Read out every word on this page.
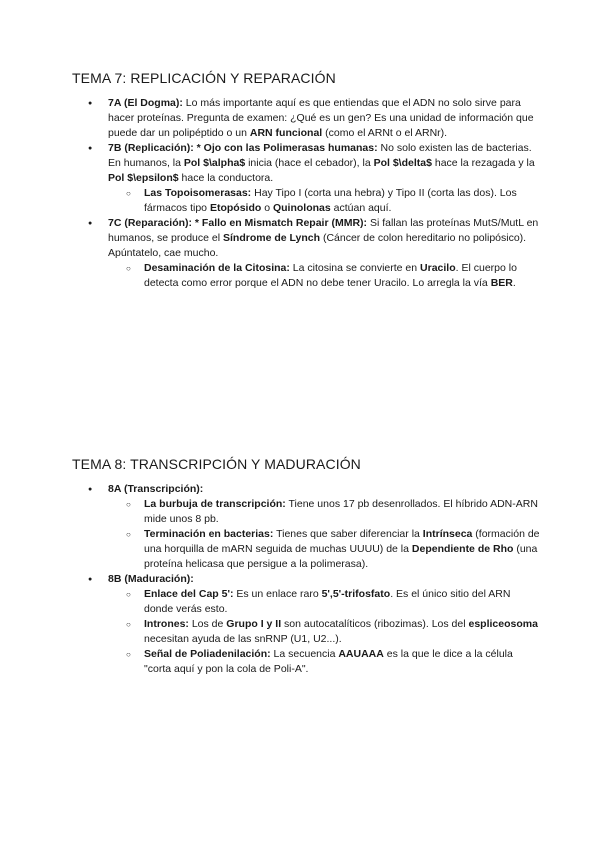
TEMA 7: REPLICACIÓN Y REPARACIÓN
● 7A (El Dogma): Lo más importante aquí es que entiendas que el ADN no solo sirve para hacer proteínas. Pregunta de examen: ¿Qué es un gen? Es una unidad de información que puede dar un polipéptido o un ARN funcional (como el ARNt o el ARNr).
● 7B (Replicación): * Ojo con las Polimerasas humanas: No solo existen las de bacterias. En humanos, la Pol $\alpha$ inicia (hace el cebador), la Pol $\delta$ hace la rezagada y la Pol $\epsilon$ hace la conductora.
○ Las Topoisomerasas: Hay Tipo I (corta una hebra) y Tipo II (corta las dos). Los fármacos tipo Etopósido o Quinolonas actúan aquí.
● 7C (Reparación): * Fallo en Mismatch Repair (MMR): Si fallan las proteínas MutS/MutL en humanos, se produce el Síndrome de Lynch (Cáncer de colon hereditario no polipósico). Apúntatelo, cae mucho.
○ Desaminación de la Citosina: La citosina se convierte en Uracilo. El cuerpo lo detecta como error porque el ADN no debe tener Uracilo. Lo arregla la vía BER.
TEMA 8: TRANSCRIPCIÓN Y MADURACIÓN
● 8A (Transcripción):
○ La burbuja de transcripción: Tiene unos 17 pb desenrollados. El híbrido ADN-ARN mide unos 8 pb.
○ Terminación en bacterias: Tienes que saber diferenciar la Intrínseca (formación de una horquilla de mARN seguida de muchas UUUU) de la Dependiente de Rho (una proteína helicasa que persigue a la polimerasa).
● 8B (Maduración):
○ Enlace del Cap 5': Es un enlace raro 5',5'-trifosfato. Es el único sitio del ARN donde verás esto.
○ Intrones: Los de Grupo I y II son autocatalíticos (ribozimas). Los del espliceosoma necesitan ayuda de las snRNP (U1, U2...).
○ Señal de Poliadenilación: La secuencia AAUAAA es la que le dice a la célula "corta aquí y pon la cola de Poli-A".
